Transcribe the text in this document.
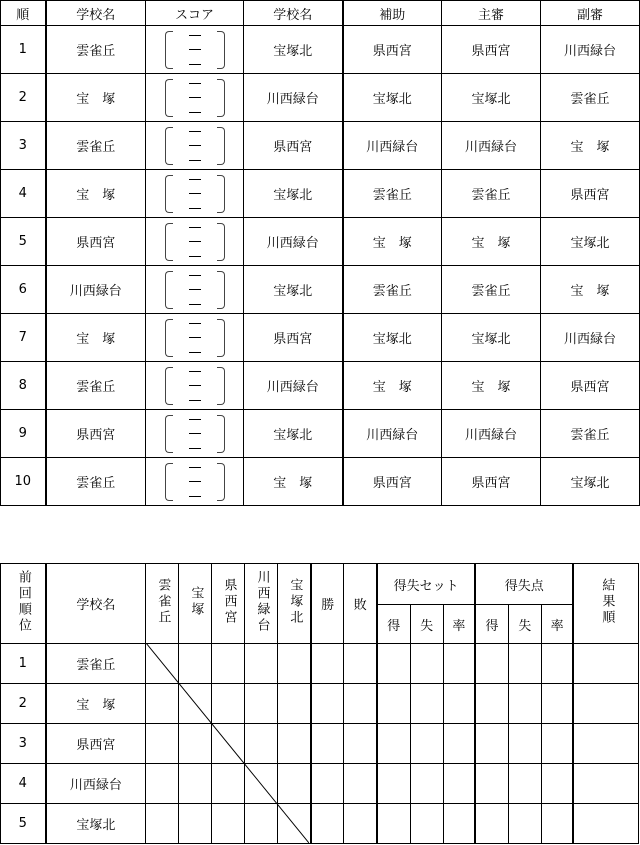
順	学校名	スコア	学校名	補助	主審	副審
1	雲雀丘		宝塚北	県西宮	県西宮	川西緑台
2	宝　塚		川西緑台	宝塚北	宝塚北	雲雀丘
3	雲雀丘		県西宮	川西緑台	川西緑台	宝　塚
4	宝　塚		宝塚北	雲雀丘	雲雀丘	県西宮
5	県西宮		川西緑台	宝　塚	宝　塚	宝塚北
6	川西緑台		宝塚北	雲雀丘	雲雀丘	宝　塚
7	宝　塚		県西宮	宝塚北	宝塚北	川西緑台
8	雲雀丘		川西緑台	宝　塚	宝　塚	県西宮
9	県西宮		宝塚北	川西緑台	川西緑台	雲雀丘
10	雲雀丘		宝　塚	県西宮	県西宮	宝塚北
前回順位	学校名	雲雀丘	宝塚	県西宮	川西緑台	宝塚北	勝	敗	得失セット			得失点			結果順
									得	失	率	得	失	率	
1	雲雀丘														
2	宝　塚														
3	県西宮														
4	川西緑台														
5	宝塚北														
